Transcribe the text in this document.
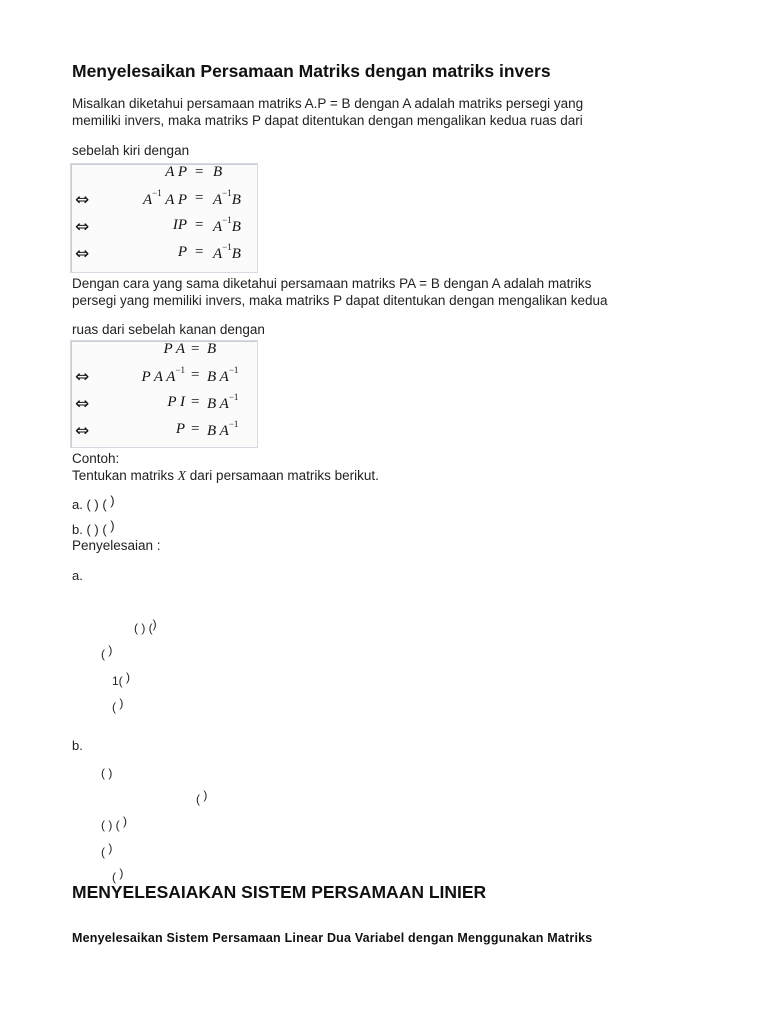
Menyelesaikan Persamaan Matriks dengan matriks invers
Misalkan diketahui persamaan matriks A.P = B dengan A adalah matriks persegi yang
memiliki invers, maka matriks P dapat ditentukan dengan mengalikan kedua ruas dari
sebelah kiri dengan
A P = B
⇔	$A^{-1}$ A $P = A^{-1}B$
⇔	IP = $A^{-1}B$
⇔	$P = A^{-1}B$
Dengan cara yang sama diketahui persamaan matriks PA = B dengan A adalah matriks
persegi yang memiliki invers, maka matriks P dapat ditentukan dengan mengalikan kedua
ruas dari sebelah kanan dengan
P A = B
⇔	P A $A^{-1} = B$ $A^{-1}$
⇔	P I = B $A^{-1}$
⇔	P = B $A^{-1}$
Contoh:
Tentukan matriks X dari persamaan matriks berikut.
a. ( ) ( )
b. ( ) ( )
Penyelesaian :
a.
( ) ()
( )
1( )
( )
b.
( )
( )
( ) ( )
( )
( )
MENYELESAIAKAN SISTEM PERSAMAAN LINIER
Menyelesaikan Sistem Persamaan Linear Dua Variabel dengan Menggunakan Matriks
